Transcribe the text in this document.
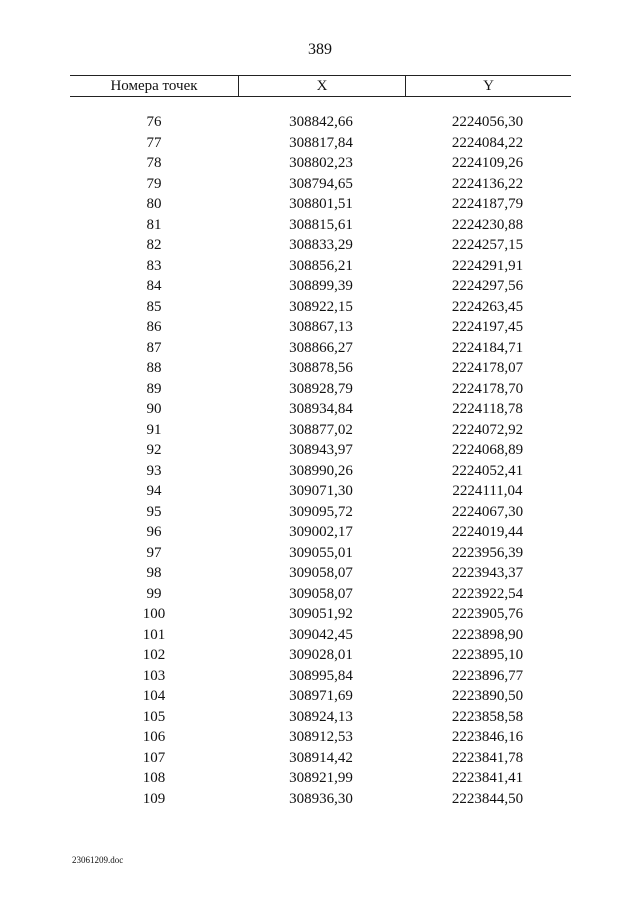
389
Номера точек	X	Y
76	308842,66	2224056,30
77	308817,84	2224084,22
78	308802,23	2224109,26
79	308794,65	2224136,22
80	308801,51	2224187,79
81	308815,61	2224230,88
82	308833,29	2224257,15
83	308856,21	2224291,91
84	308899,39	2224297,56
85	308922,15	2224263,45
86	308867,13	2224197,45
87	308866,27	2224184,71
88	308878,56	2224178,07
89	308928,79	2224178,70
90	308934,84	2224118,78
91	308877,02	2224072,92
92	308943,97	2224068,89
93	308990,26	2224052,41
94	309071,30	2224111,04
95	309095,72	2224067,30
96	309002,17	2224019,44
97	309055,01	2223956,39
98	309058,07	2223943,37
99	309058,07	2223922,54
100	309051,92	2223905,76
101	309042,45	2223898,90
102	309028,01	2223895,10
103	308995,84	2223896,77
104	308971,69	2223890,50
105	308924,13	2223858,58
106	308912,53	2223846,16
107	308914,42	2223841,78
108	308921,99	2223841,41
109	308936,30	2223844,50
23061209.doc
